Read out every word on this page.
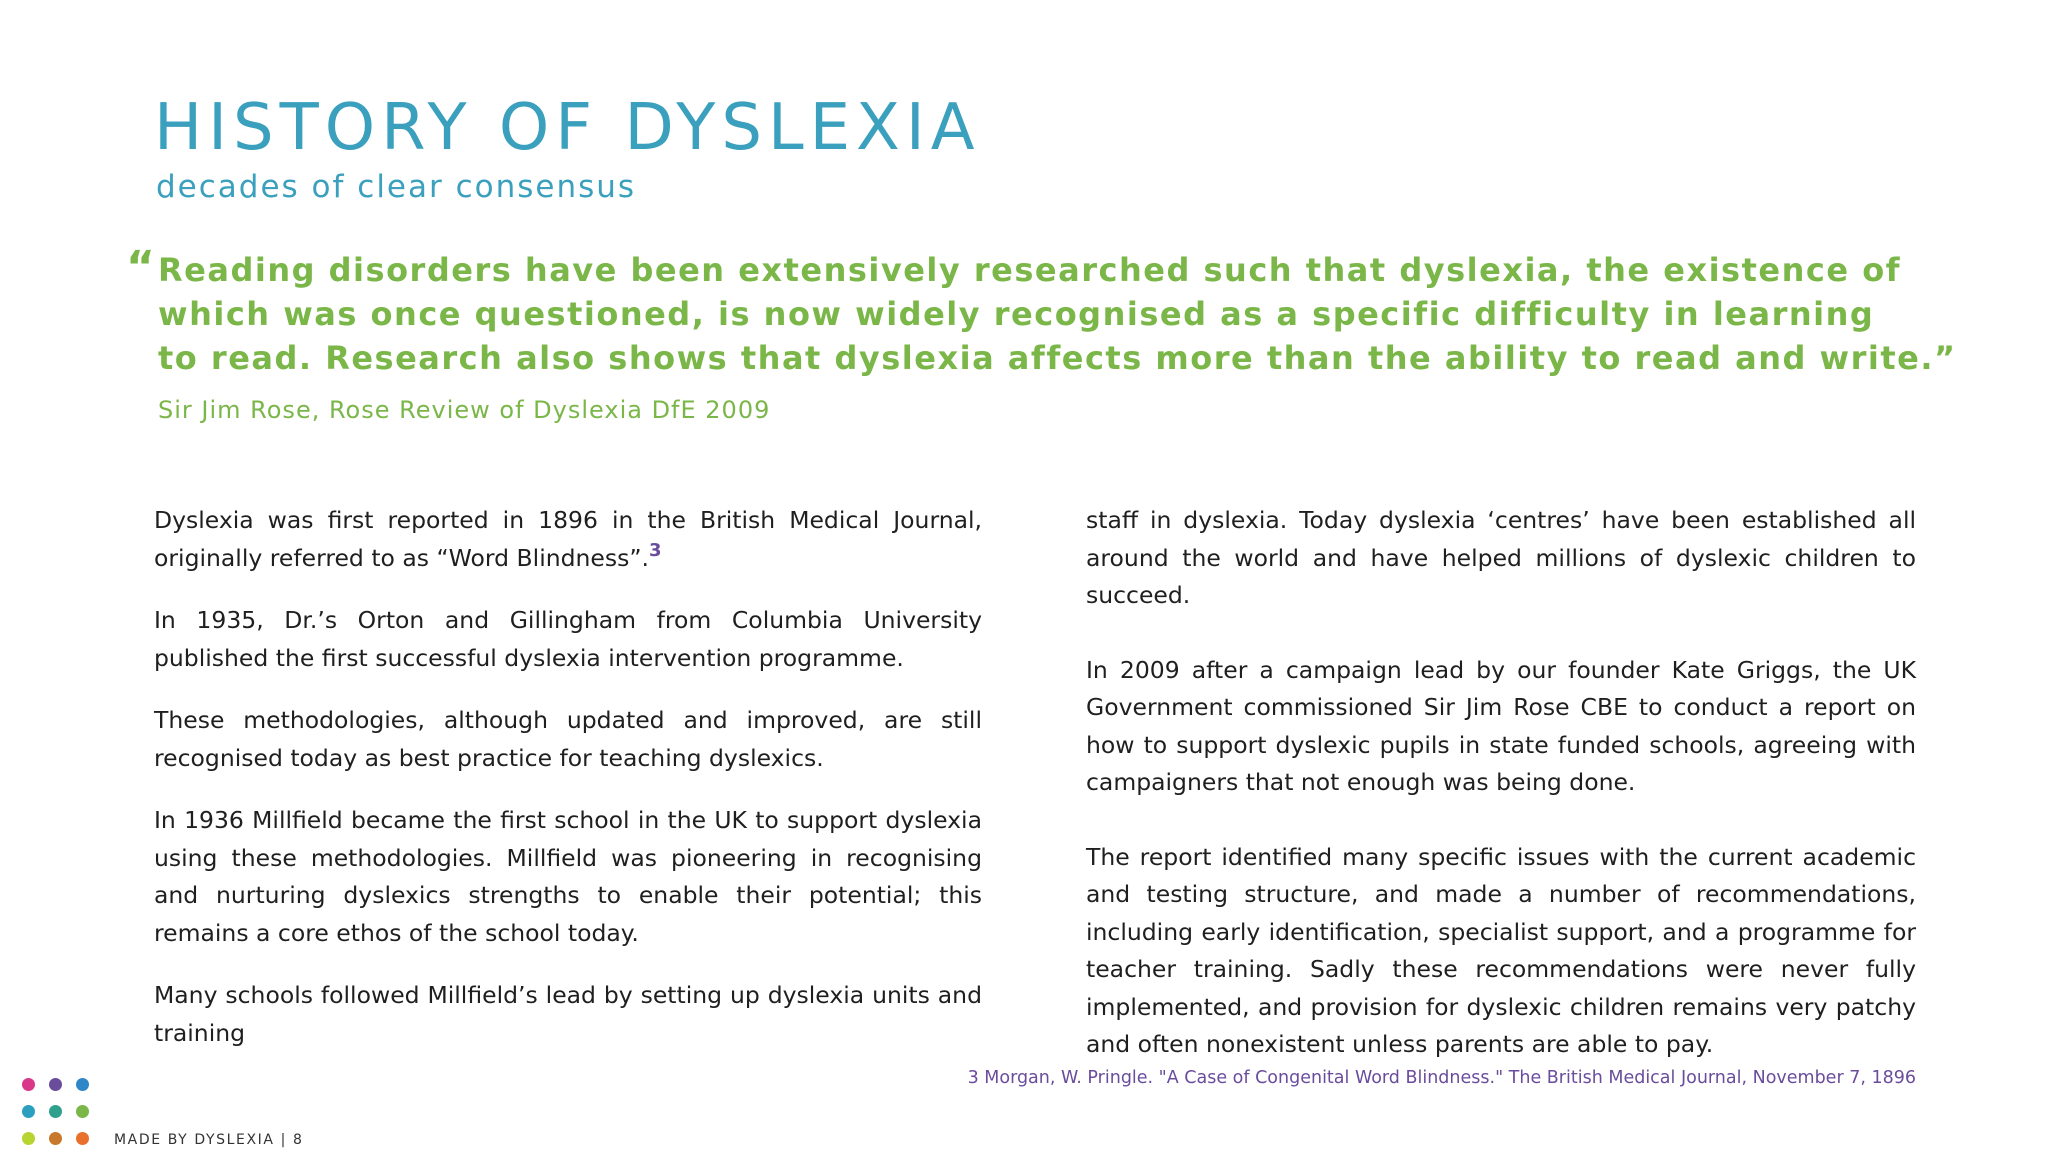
HISTORY OF DYSLEXIA
decades of clear consensus
“ Reading disorders have been extensively researched such that dyslexia, the existence of
which was once questioned, is now widely recognised as a specific difficulty in learning
to read. Research also shows that dyslexia affects more than the ability to read and write.”
Sir Jim Rose, Rose Review of Dyslexia DfE 2009

Dyslexia was first reported in 1896 in the British Medical Journal, originally referred to as “Word Blindness”.$^3$

In 1935, Dr.’s Orton and Gillingham from Columbia University published the first successful dyslexia intervention programme.

These methodologies, although updated and improved, are still recognised today as best practice for teaching dyslexics.

In 1936 Millfield became the first school in the UK to support dyslexia using these methodologies. Millfield was pioneering in recognising and nurturing dyslexics strengths to enable their potential; this remains a core ethos of the school today.

Many schools followed Millfield’s lead by setting up dyslexia units and training

staff in dyslexia. Today dyslexia ‘centres’ have been established all around the world and have helped millions of dyslexic children to succeed.

In 2009 after a campaign lead by our founder Kate Griggs, the UK Government commissioned Sir Jim Rose CBE to conduct a report on how to support dyslexic pupils in state funded schools, agreeing with campaigners that not enough was being done.

The report identified many specific issues with the current academic and testing structure, and made a number of recommendations, including early identification, specialist support, and a programme for teacher training. Sadly these recommendations were never fully implemented, and provision for dyslexic children remains very patchy and often nonexistent unless parents are able to pay.

3 Morgan, W. Pringle. "A Case of Congenital Word Blindness." The British Medical Journal, November 7, 1896
MADE BY DYSLEXIA | 8
